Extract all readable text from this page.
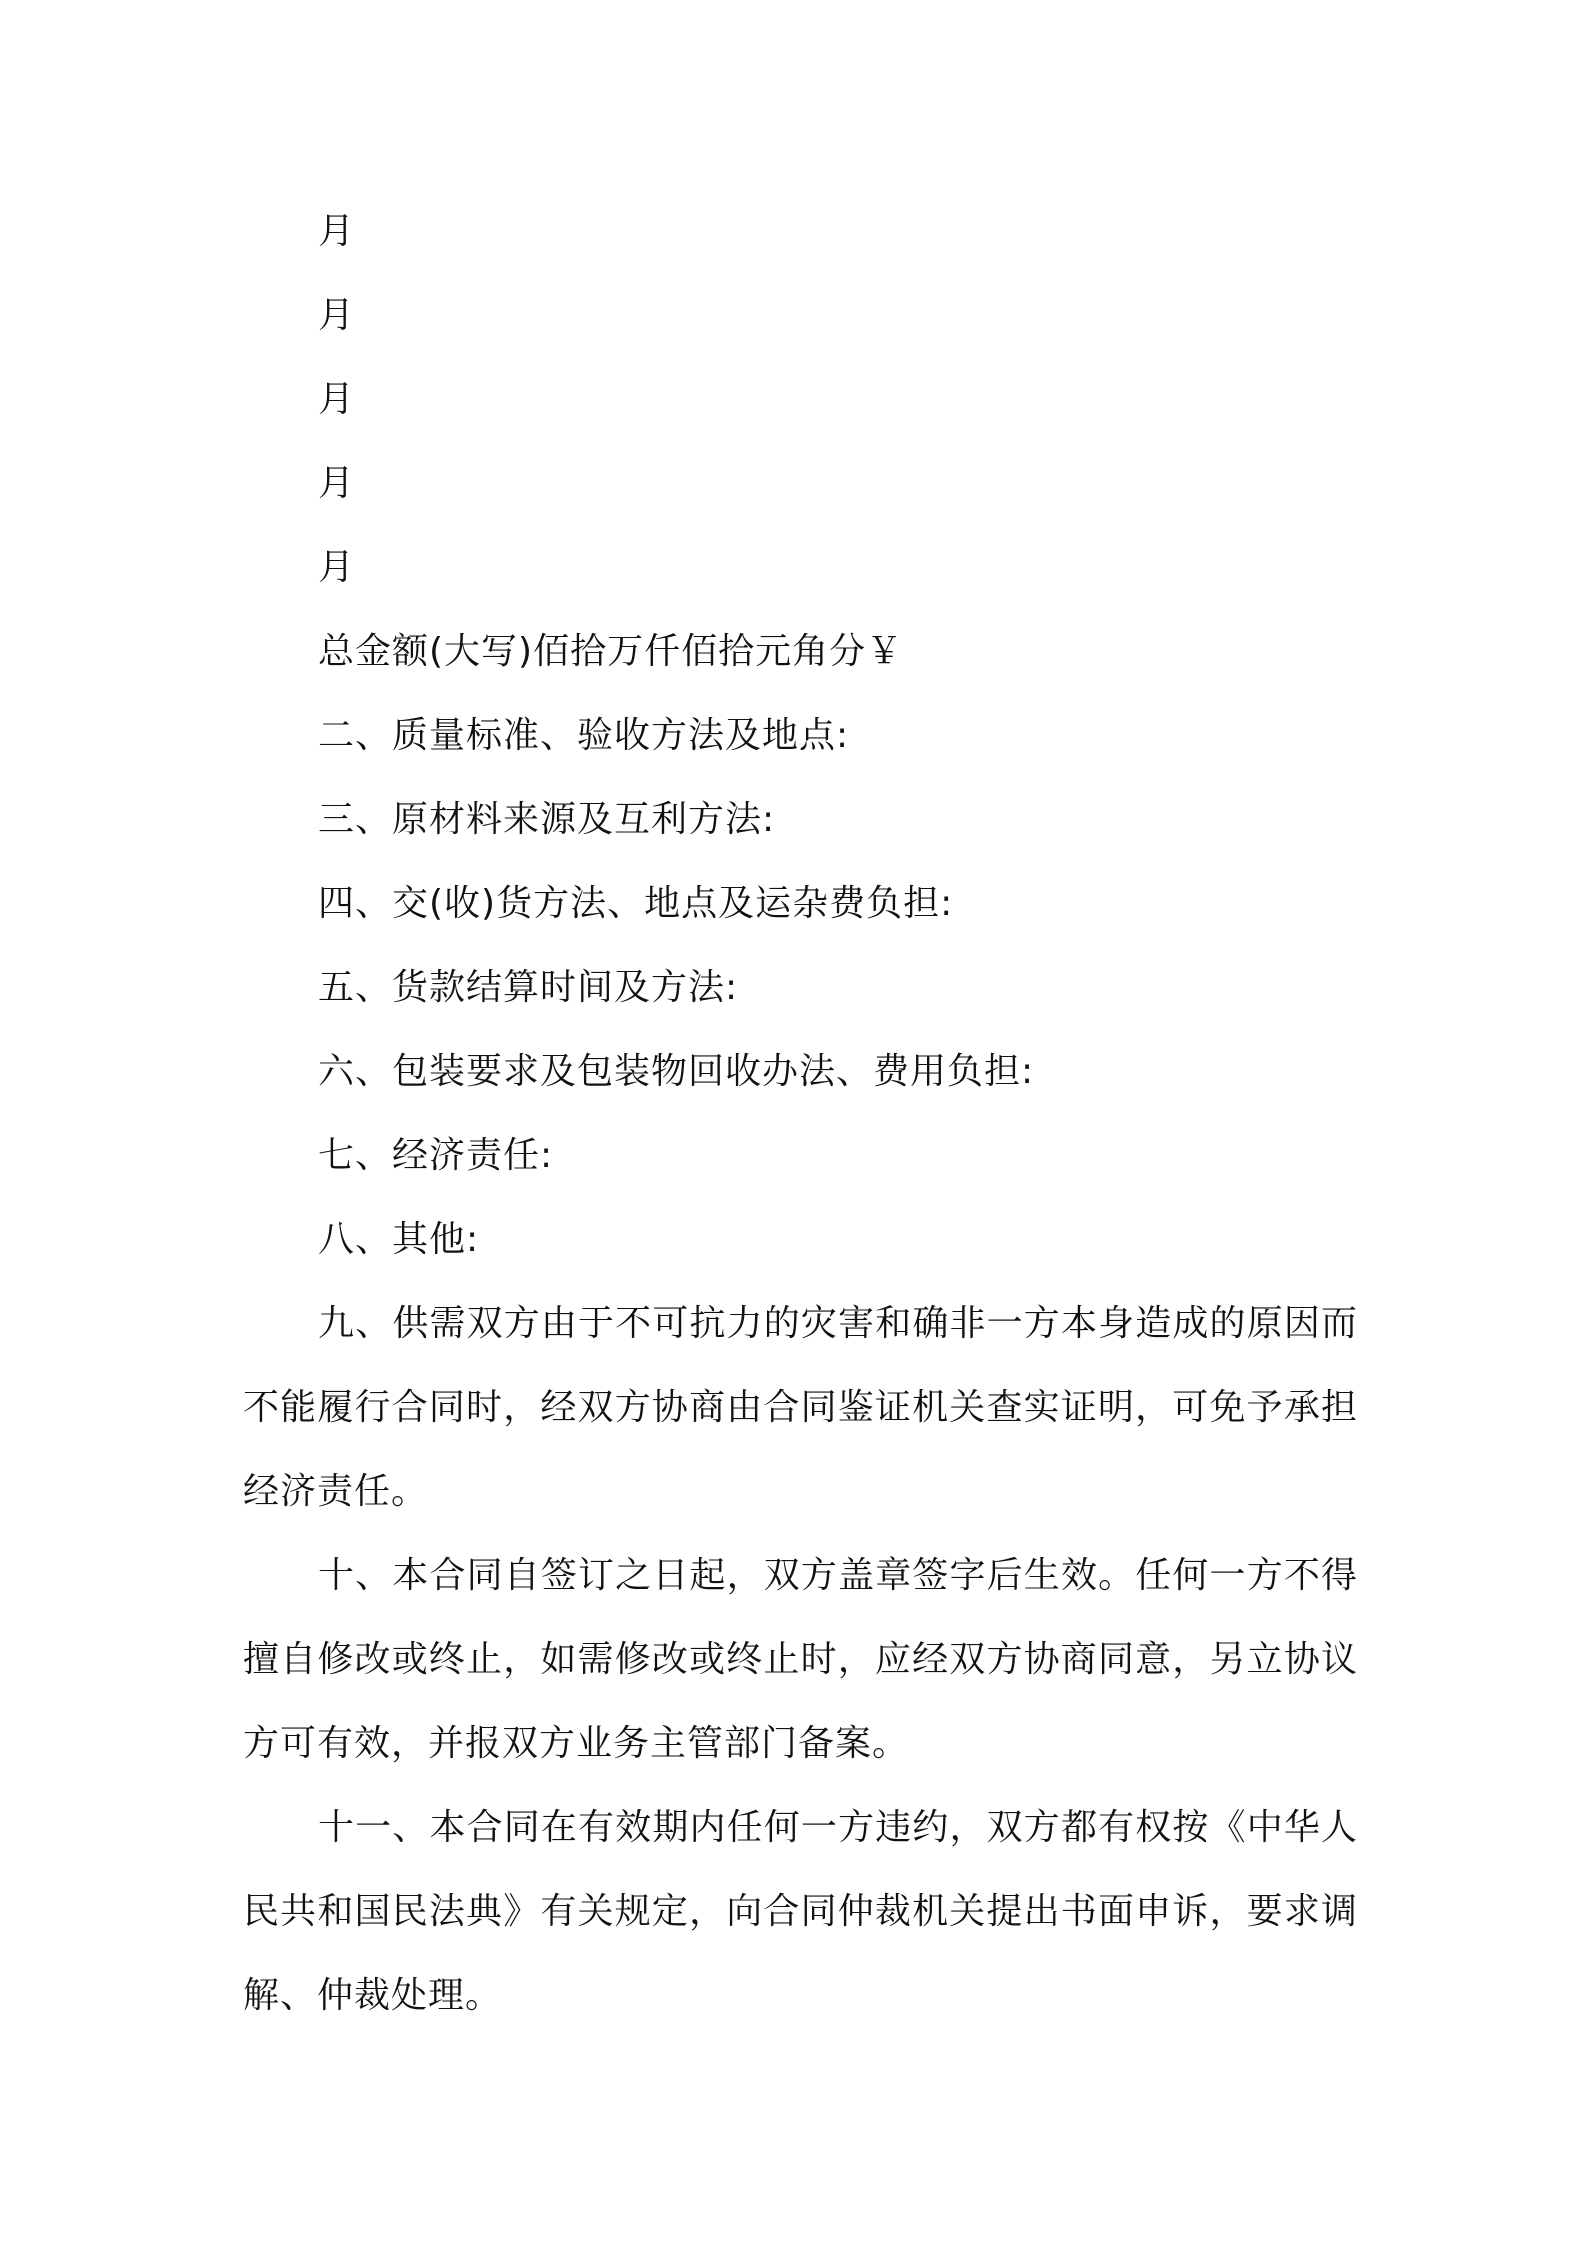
月

月

月

月

月

总金额(大写)佰拾万仟佰拾元角分￥

二、质量标准、验收方法及地点:

三、原材料来源及互利方法:

四、交(收)货方法、地点及运杂费负担:

五、货款结算时间及方法:

六、包装要求及包装物回收办法、费用负担:

七、经济责任:

八、其他:

九、供需双方由于不可抗力的灾害和确非一方本身造成的原因而不能履行合同时，经双方协商由合同鉴证机关查实证明，可免予承担经济责任。

十、本合同自签订之日起，双方盖章签字后生效。任何一方不得擅自修改或终止，如需修改或终止时，应经双方协商同意，另立协议方可有效，并报双方业务主管部门备案。

十一、本合同在有效期内任何一方违约，双方都有权按《中华人民共和国民法典》有关规定，向合同仲裁机关提出书面申诉，要求调解、仲裁处理。
